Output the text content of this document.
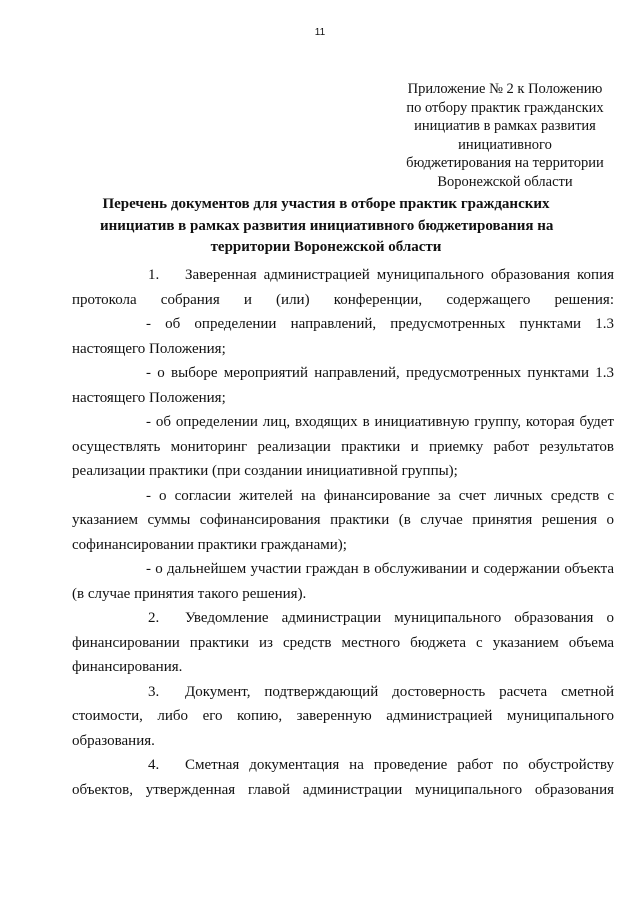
11
Приложение № 2 к Положению
по отбору практик гражданских
инициатив в рамках развития
инициативного
бюджетирования на территории
Воронежской области
Перечень документов для участия в отборе практик гражданских
инициатив в рамках развития инициативного бюджетирования на
территории Воронежской области
1. Заверенная администрацией муниципального образования копия
протокола собрания и (или) конференции, содержащего решения:
- об определении направлений, предусмотренных пунктами 1.3
настоящего Положения;
- о выборе мероприятий направлений, предусмотренных пунктами 1.3
настоящего Положения;
- об определении лиц, входящих в инициативную группу, которая будет
осуществлять мониторинг реализации практики и приемку работ результатов
реализации практики (при создании инициативной группы);
- о согласии жителей на финансирование за счет личных средств с
указанием суммы софинансирования практики (в случае принятия решения о
софинансировании практики гражданами);
- о дальнейшем участии граждан в обслуживании и содержании объекта
(в случае принятия такого решения).
2. Уведомление администрации муниципального образования о
финансировании практики из средств местного бюджета с указанием объема
финансирования.
3. Документ, подтверждающий достоверность расчета сметной
стоимости, либо его копию, заверенную администрацией муниципального
образования.
4. Сметная документация на проведение работ по обустройству
объектов, утвержденная главой администрации муниципального образования
